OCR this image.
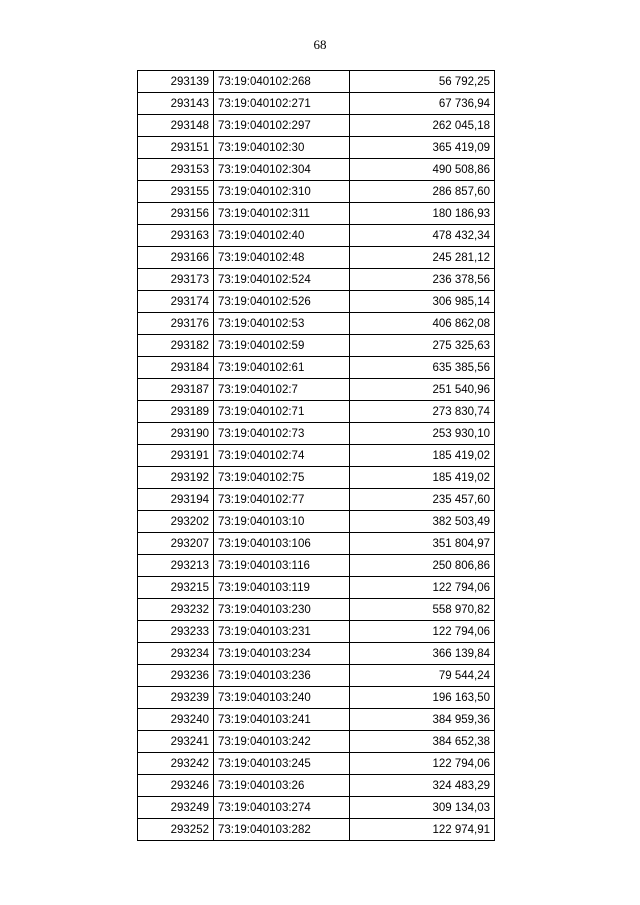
68
293139	73:19:040102:268	56 792,25
293143	73:19:040102:271	67 736,94
293148	73:19:040102:297	262 045,18
293151	73:19:040102:30	365 419,09
293153	73:19:040102:304	490 508,86
293155	73:19:040102:310	286 857,60
293156	73:19:040102:311	180 186,93
293163	73:19:040102:40	478 432,34
293166	73:19:040102:48	245 281,12
293173	73:19:040102:524	236 378,56
293174	73:19:040102:526	306 985,14
293176	73:19:040102:53	406 862,08
293182	73:19:040102:59	275 325,63
293184	73:19:040102:61	635 385,56
293187	73:19:040102:7	251 540,96
293189	73:19:040102:71	273 830,74
293190	73:19:040102:73	253 930,10
293191	73:19:040102:74	185 419,02
293192	73:19:040102:75	185 419,02
293194	73:19:040102:77	235 457,60
293202	73:19:040103:10	382 503,49
293207	73:19:040103:106	351 804,97
293213	73:19:040103:116	250 806,86
293215	73:19:040103:119	122 794,06
293232	73:19:040103:230	558 970,82
293233	73:19:040103:231	122 794,06
293234	73:19:040103:234	366 139,84
293236	73:19:040103:236	79 544,24
293239	73:19:040103:240	196 163,50
293240	73:19:040103:241	384 959,36
293241	73:19:040103:242	384 652,38
293242	73:19:040103:245	122 794,06
293246	73:19:040103:26	324 483,29
293249	73:19:040103:274	309 134,03
293252	73:19:040103:282	122 974,91
